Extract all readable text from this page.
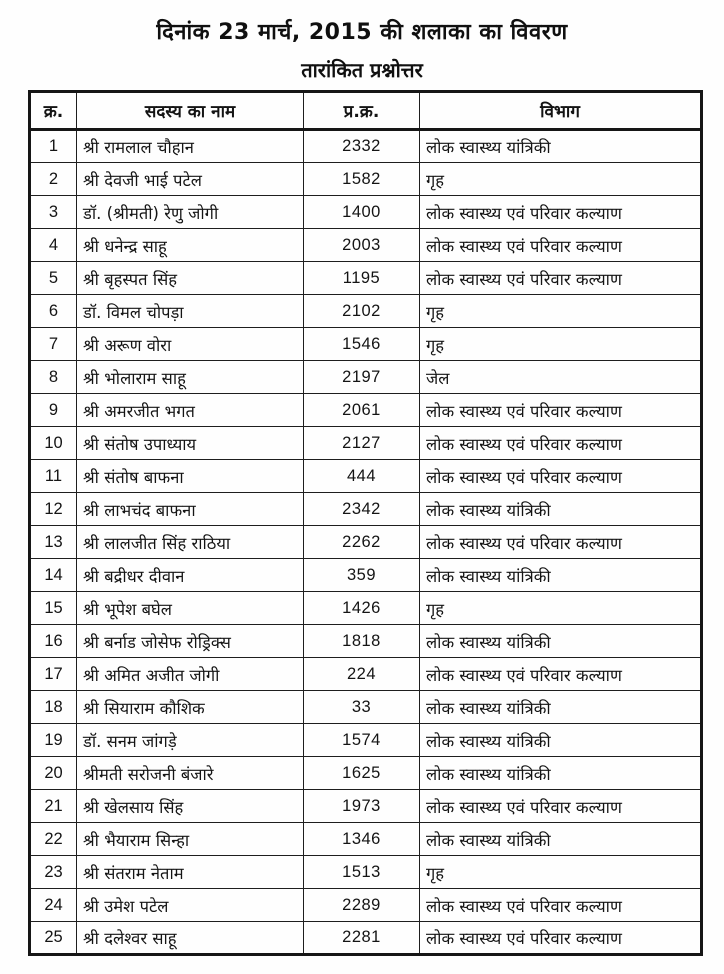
दिनांक 23 मार्च, 2015 की शलाका का विवरण
तारांकित प्रश्नोत्तर
क्र.	सदस्य का नाम	प्र.क्र.	विभाग
1	श्री रामलाल चौहान	2332	लोक स्वास्थ्य यांत्रिकी
2	श्री देवजी भाई पटेल	1582	गृह
3	डॉ. (श्रीमती) रेणु जोगी	1400	लोक स्वास्थ्य एवं परिवार कल्याण
4	श्री धनेन्द्र साहू	2003	लोक स्वास्थ्य एवं परिवार कल्याण
5	श्री बृहस्पत सिंह	1195	लोक स्वास्थ्य एवं परिवार कल्याण
6	डॉ. विमल चोपड़ा	2102	गृह
7	श्री अरूण वोरा	1546	गृह
8	श्री भोलाराम साहू	2197	जेल
9	श्री अमरजीत भगत	2061	लोक स्वास्थ्य एवं परिवार कल्याण
10	श्री संतोष उपाध्याय	2127	लोक स्वास्थ्य एवं परिवार कल्याण
11	श्री संतोष बाफना	444	लोक स्वास्थ्य एवं परिवार कल्याण
12	श्री लाभचंद बाफना	2342	लोक स्वास्थ्य यांत्रिकी
13	श्री लालजीत सिंह राठिया	2262	लोक स्वास्थ्य एवं परिवार कल्याण
14	श्री बद्रीधर दीवान	359	लोक स्वास्थ्य यांत्रिकी
15	श्री भूपेश बघेल	1426	गृह
16	श्री बर्नाड जोसेफ रोड्रिक्स	1818	लोक स्वास्थ्य यांत्रिकी
17	श्री अमित अजीत जोगी	224	लोक स्वास्थ्य एवं परिवार कल्याण
18	श्री सियाराम कौशिक	33	लोक स्वास्थ्य यांत्रिकी
19	डॉ. सनम जांगड़े	1574	लोक स्वास्थ्य यांत्रिकी
20	श्रीमती सरोजनी बंजारे	1625	लोक स्वास्थ्य यांत्रिकी
21	श्री खेलसाय सिंह	1973	लोक स्वास्थ्य एवं परिवार कल्याण
22	श्री भैयाराम सिन्हा	1346	लोक स्वास्थ्य यांत्रिकी
23	श्री संतराम नेताम	1513	गृह
24	श्री उमेश पटेल	2289	लोक स्वास्थ्य एवं परिवार कल्याण
25	श्री दलेश्वर साहू	2281	लोक स्वास्थ्य एवं परिवार कल्याण
